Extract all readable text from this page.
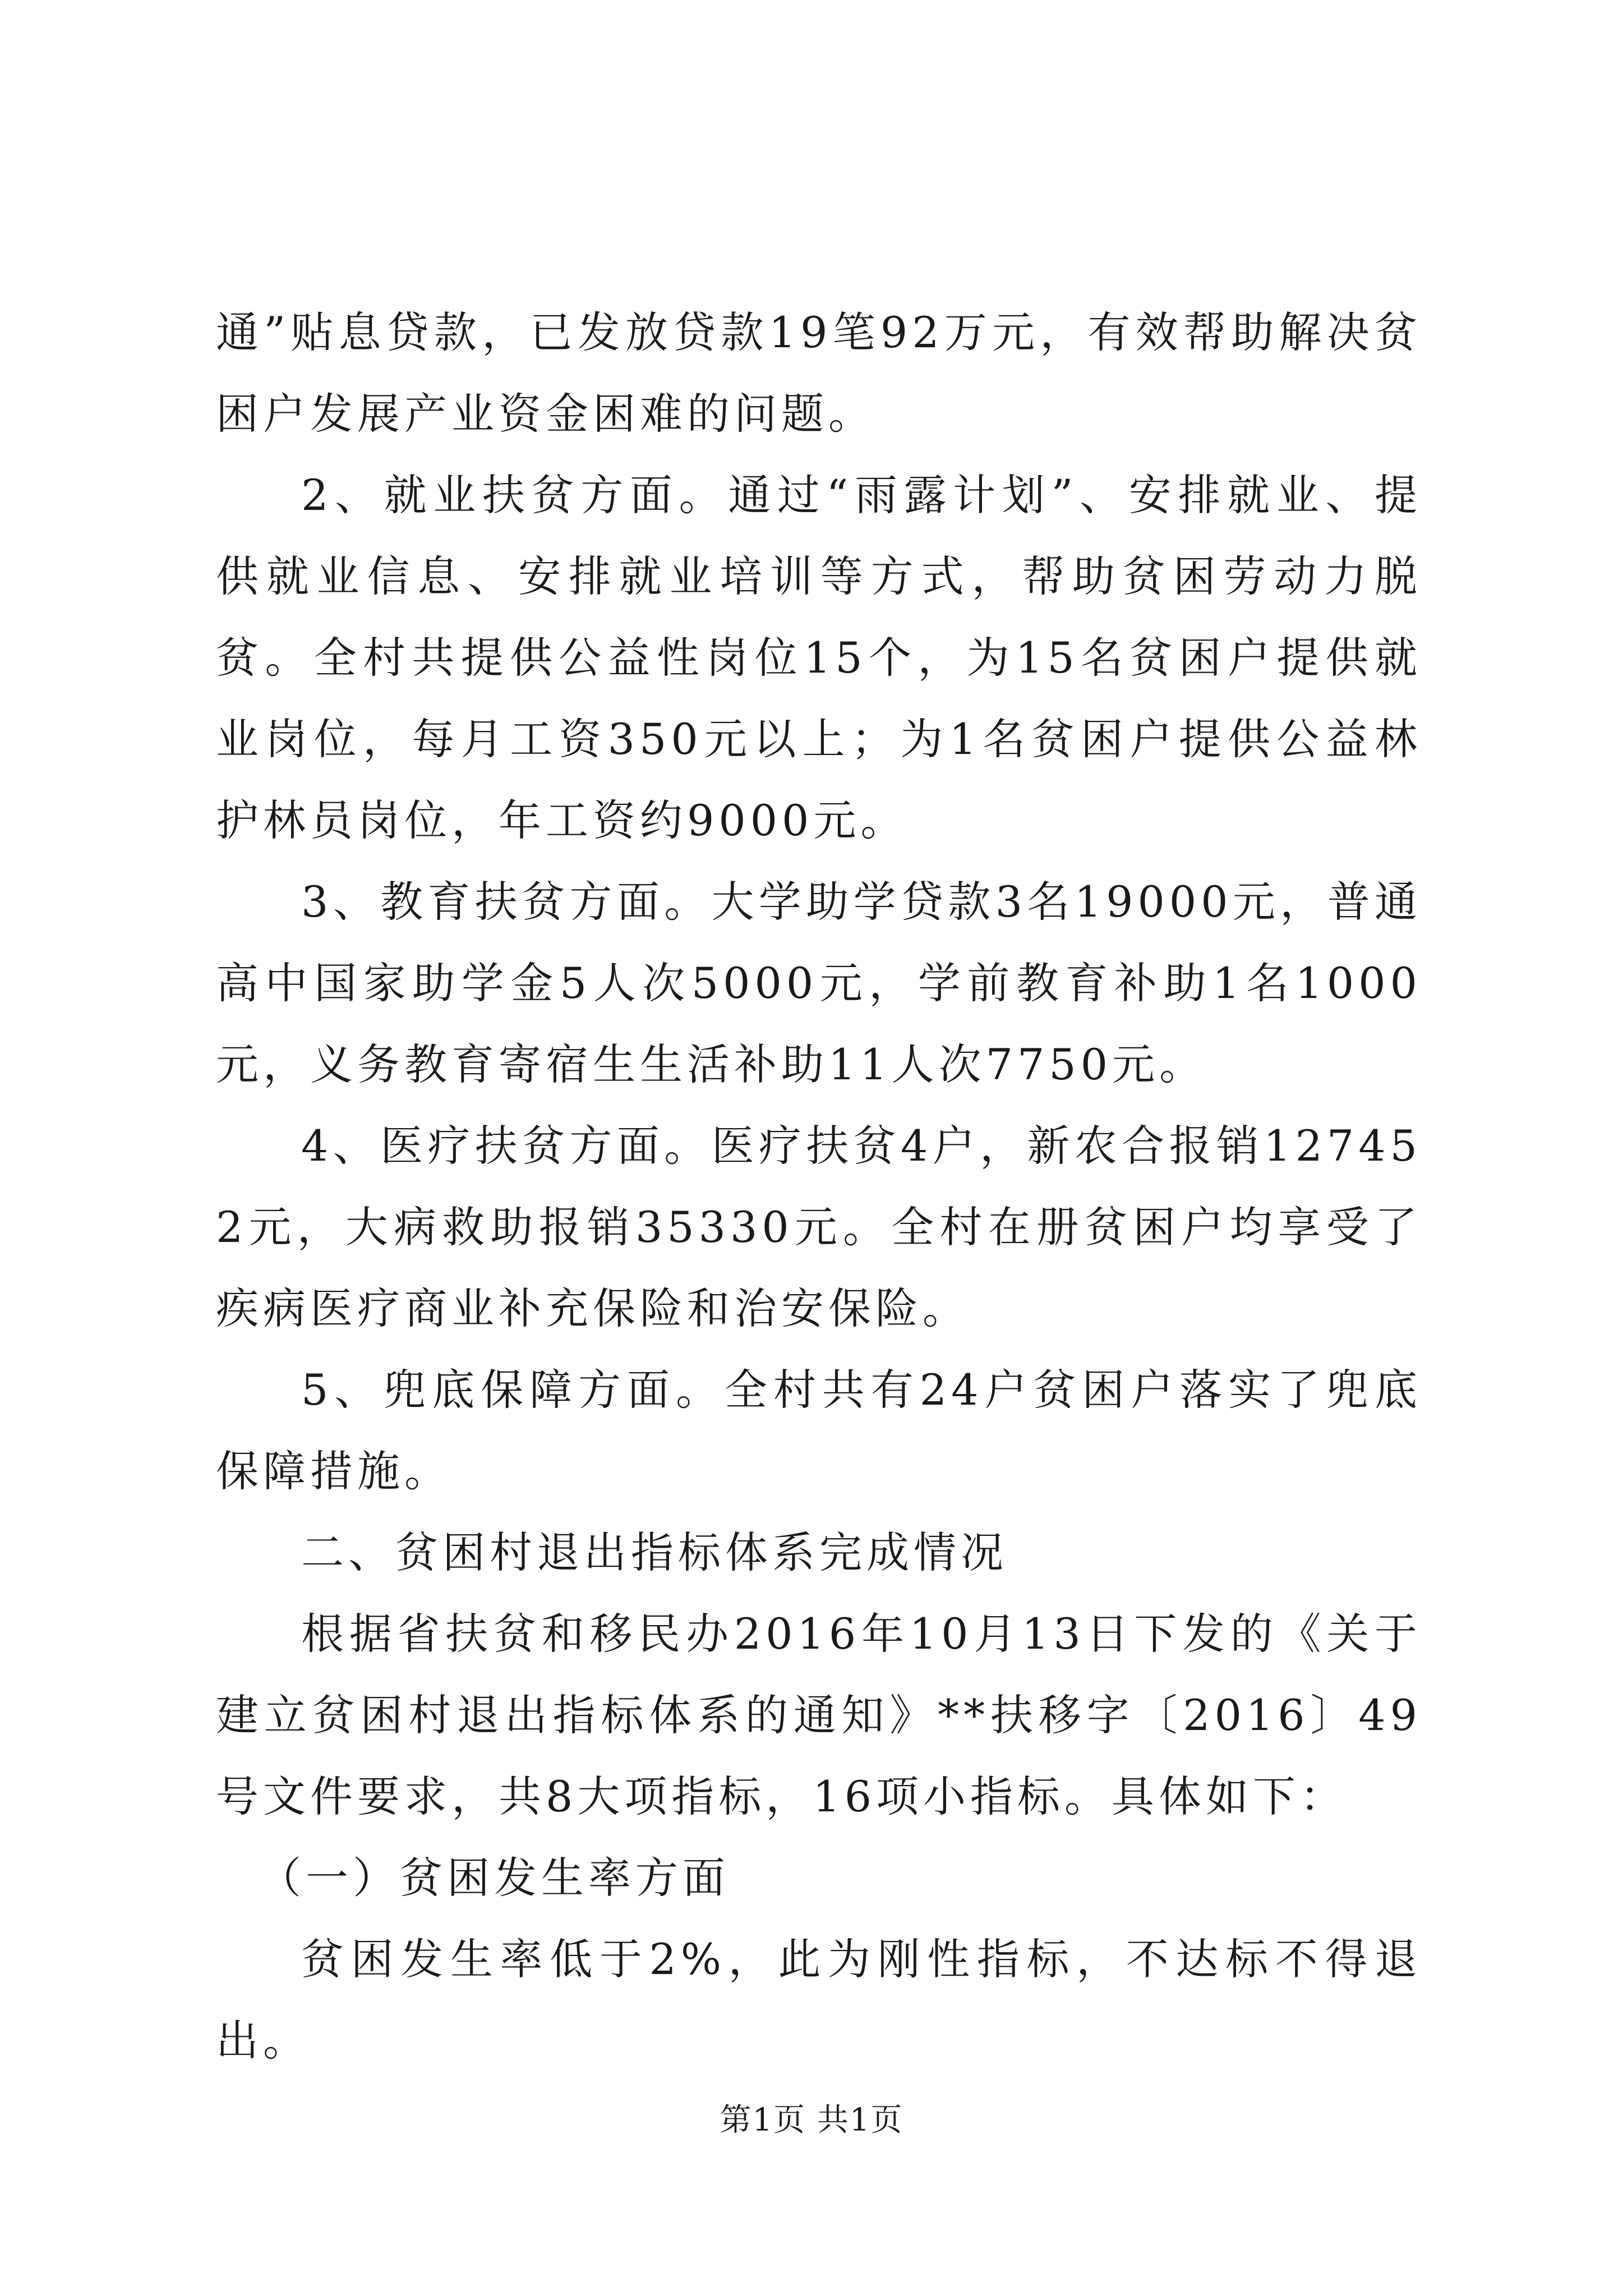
通”贴息贷款，已发放贷款19笔92万元，有效帮助解决贫困户发展产业资金困难的问题。

2、就业扶贫方面。通过“雨露计划”、安排就业、提供就业信息、安排就业培训等方式，帮助贫困劳动力脱贫。全村共提供公益性岗位15个，为15名贫困户提供就业岗位，每月工资350元以上；为1名贫困户提供公益林护林员岗位，年工资约9000元。

3、教育扶贫方面。大学助学贷款3名19000元，普通高中国家助学金5人次5000元，学前教育补助1名1000元，义务教育寄宿生生活补助11人次7750元。

4、医疗扶贫方面。医疗扶贫4户，新农合报销127452元，大病救助报销35330元。全村在册贫困户均享受了疾病医疗商业补充保险和治安保险。

5、兜底保障方面。全村共有24户贫困户落实了兜底保障措施。

二、贫困村退出指标体系完成情况

根据省扶贫和移民办2016年10月13日下发的《关于建立贫困村退出指标体系的通知》**扶移字〔2016〕49号文件要求，共8大项指标，16项小指标。具体如下：

（一）贫困发生率方面

贫困发生率低于2%，此为刚性指标，不达标不得退出。

第1页 共1页
